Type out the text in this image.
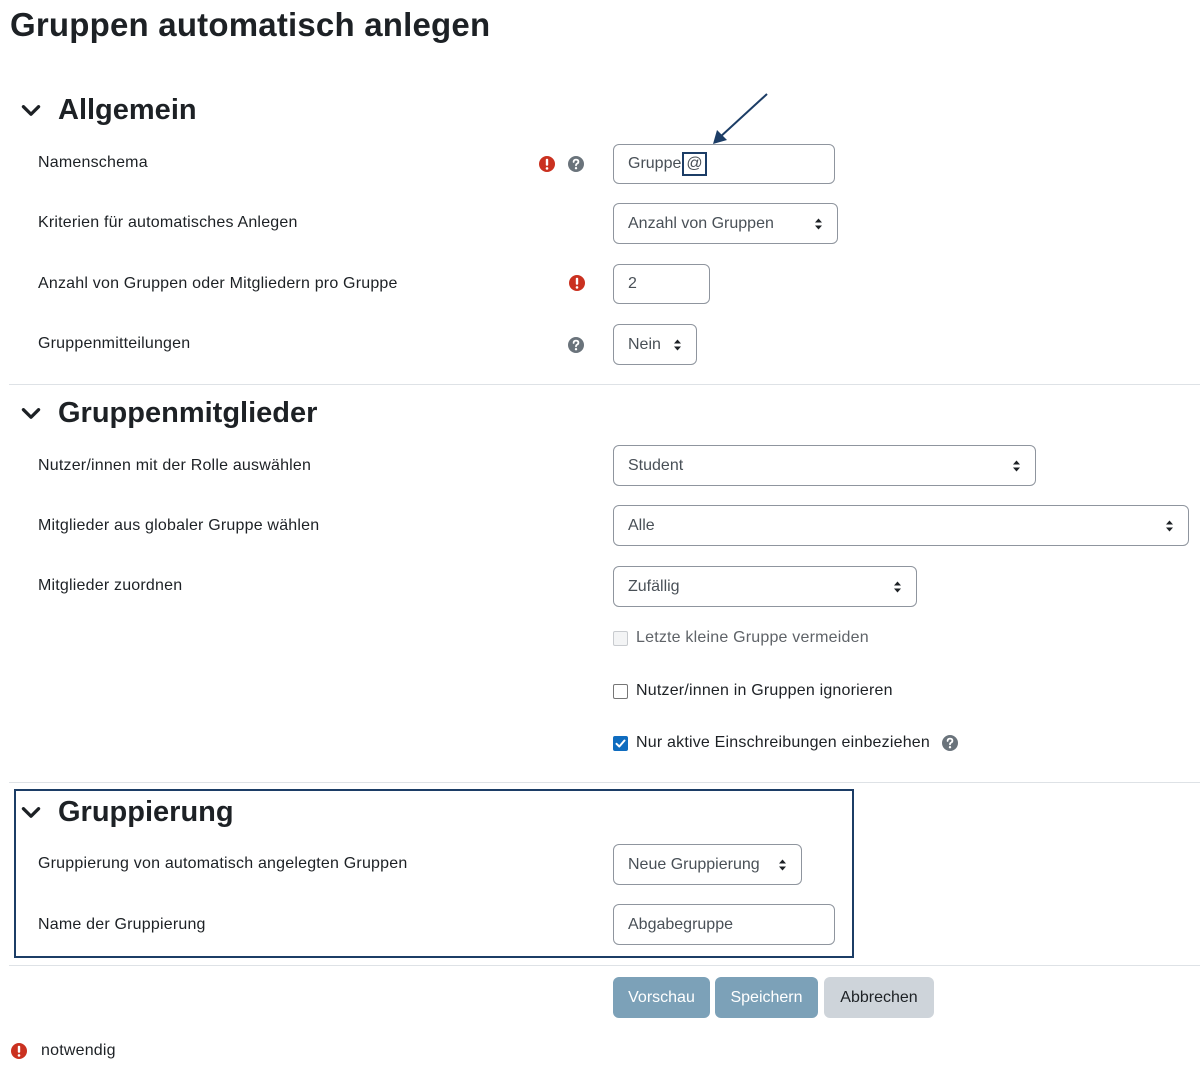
Gruppen automatisch anlegen
Allgemein
Namenschema	Gruppe @
Kriterien für automatisches Anlegen	Anzahl von Gruppen
Anzahl von Gruppen oder Mitgliedern pro Gruppe	2
Gruppenmitteilungen	Nein
Gruppenmitglieder
Nutzer/innen mit der Rolle auswählen	Student
Mitglieder aus globaler Gruppe wählen	Alle
Mitglieder zuordnen	Zufällig
Letzte kleine Gruppe vermeiden
Nutzer/innen in Gruppen ignorieren
Nur aktive Einschreibungen einbeziehen
Gruppierung
Gruppierung von automatisch angelegten Gruppen	Neue Gruppierung
Name der Gruppierung	Abgabegruppe
Vorschau	Speichern	Abbrechen
notwendig
